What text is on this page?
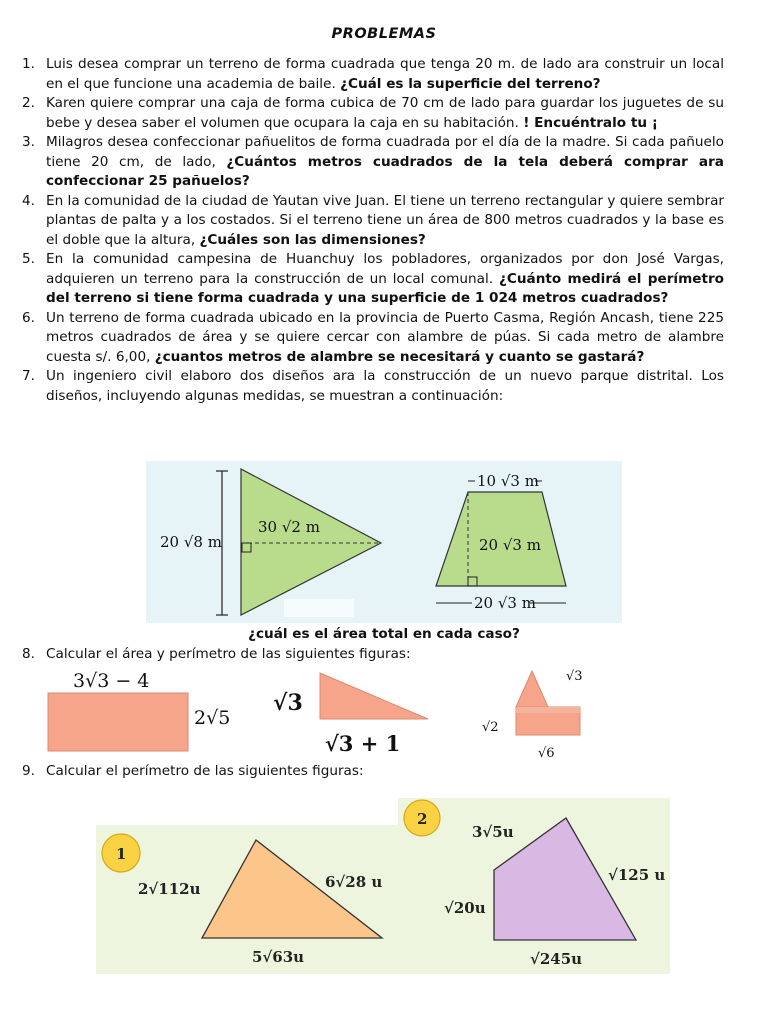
PROBLEMAS
1. Luis desea comprar un terreno de forma cuadrada que tenga 20 m. de lado ara construir un local en el que funcione una academia de baile. ¿Cuál es la superficie del terreno?
2. Karen quiere comprar una caja de forma cubica de 70 cm de lado para guardar los juguetes de su bebe y desea saber el volumen que ocupara la caja en su habitación. ! Encuéntralo tu ¡
3. Milagros desea confeccionar pañuelitos de forma cuadrada por el día de la madre. Si cada pañuelo tiene 20 cm, de lado, ¿Cuántos metros cuadrados de la tela deberá comprar ara confeccionar 25 pañuelos?
4. En la comunidad de la ciudad de Yautan vive Juan. El tiene un terreno rectangular y quiere sembrar plantas de palta y a los costados. Si el terreno tiene un área de 800 metros cuadrados y la base es el doble que la altura, ¿Cuáles son las dimensiones?
5. En la comunidad campesina de Huanchuy los pobladores, organizados por don José Vargas, adquieren un terreno para la construcción de un local comunal. ¿Cuánto medirá el perímetro del terreno si tiene forma cuadrada y una superficie de 1 024 metros cuadrados?
6. Un terreno de forma cuadrada ubicado en la provincia de Puerto Casma, Región Ancash, tiene 225 metros cuadrados de área y se quiere cercar con alambre de púas. Si cada metro de alambre cuesta s/. 6,00, ¿cuantos metros de alambre se necesitará y cuanto se gastará?
7. Un ingeniero civil elaboro dos diseños ara la construcción de un nuevo parque distrital. Los diseños, incluyendo algunas medidas, se muestran a continuación:
20 √8 m
30 √2 m
10 √3 m
20 √3 m
20 √3 m
¿cuál es el área total en cada caso?
8. Calcular el área y perímetro de las siguientes figuras:
3√3 − 4
2√5
√3
√3 + 1
√3
√2
√6
9. Calcular el perímetro de las siguientes figuras:
1
2√112u	6√28 u
5√63u
2
3√5u
√125 u
√20u
√245u
